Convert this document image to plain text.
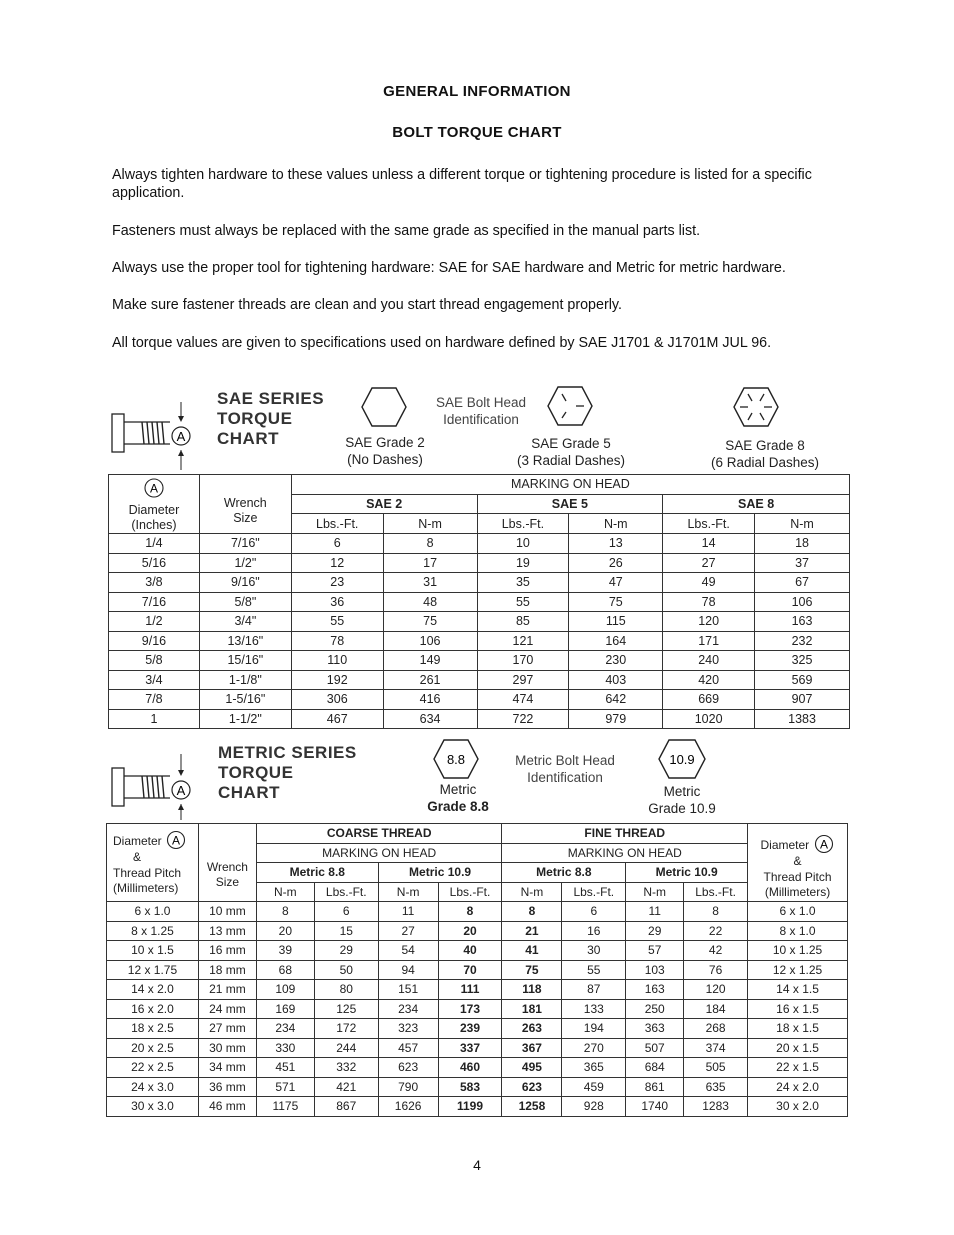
GENERAL INFORMATION
BOLT TORQUE CHART
Always tighten hardware to these values unless a different torque or tightening procedure is listed for a specific application.
Fasteners must always be replaced with the same grade as specified in the manual parts list.
Always use the proper tool for tightening hardware: SAE for SAE hardware and Metric for metric hardware.
Make sure fastener threads are clean and you start thread engagement properly.
All torque values are given to specifications used on hardware defined by SAE J1701 & J1701M JUL 96.
A
SAE SERIES
TORQUE
CHART
SAE Bolt Head
Identification
SAE Grade 2
(No Dashes)
SAE Grade 5
(3 Radial Dashes)
SAE Grade 8
(6 Radial Dashes)
A

Diameter
(Inches)	Wrench
Size	MARKING ON HEAD					
		SAE 2		SAE 5		SAE 8	
		Lbs.-Ft.	N-m	Lbs.-Ft.	N-m	Lbs.-Ft.	N-m
1/4	7/16"	6	8	10	13	14	18
5/16	1/2"	12	17	19	26	27	37
3/8	9/16"	23	31	35	47	49	67
7/16	5/8"	36	48	55	75	78	106
1/2	3/4"	55	75	85	115	120	163
9/16	13/16"	78	106	121	164	171	232
5/8	15/16"	110	149	170	230	240	325
3/4	1-1/8"	192	261	297	403	420	569
7/8	1-5/16"	306	416	474	642	669	907
1	1-1/2"	467	634	722	979	1020	1383
A
METRIC SERIES
TORQUE
CHART
8.8	Metric Bolt Head
Identification
10.9
Metric
Grade 8.8
Metric
Grade 10.9
Diameter A

&
Thread Pitch
(Millimeters)	Wrench
Size	COARSE THREAD				FINE THREAD				Diameter A

&
Thread Pitch
(Millimeters)
		MARKING ON HEAD				MARKING ON HEAD				
		Metric 8.8		Metric 10.9		Metric 8.8		Metric 10.9		
		N-m	Lbs.-Ft.	N-m	Lbs.-Ft.	N-m	Lbs.-Ft.	N-m	Lbs.-Ft.	
6 x 1.0	10 mm	8	6	11	8	8	6	11	8	6 x 1.0
8 x 1.25	13 mm	20	15	27	20	21	16	29	22	8 x 1.0
10 x 1.5	16 mm	39	29	54	40	41	30	57	42	10 x 1.25
12 x 1.75	18 mm	68	50	94	70	75	55	103	76	12 x 1.25
14 x 2.0	21 mm	109	80	151	111	118	87	163	120	14 x 1.5
16 x 2.0	24 mm	169	125	234	173	181	133	250	184	16 x 1.5
18 x 2.5	27 mm	234	172	323	239	263	194	363	268	18 x 1.5
20 x 2.5	30 mm	330	244	457	337	367	270	507	374	20 x 1.5
22 x 2.5	34 mm	451	332	623	460	495	365	684	505	22 x 1.5
24 x 3.0	36 mm	571	421	790	583	623	459	861	635	24 x 2.0
30 x 3.0	46 mm	1175	867	1626	1199	1258	928	1740	1283	30 x 2.0
4
